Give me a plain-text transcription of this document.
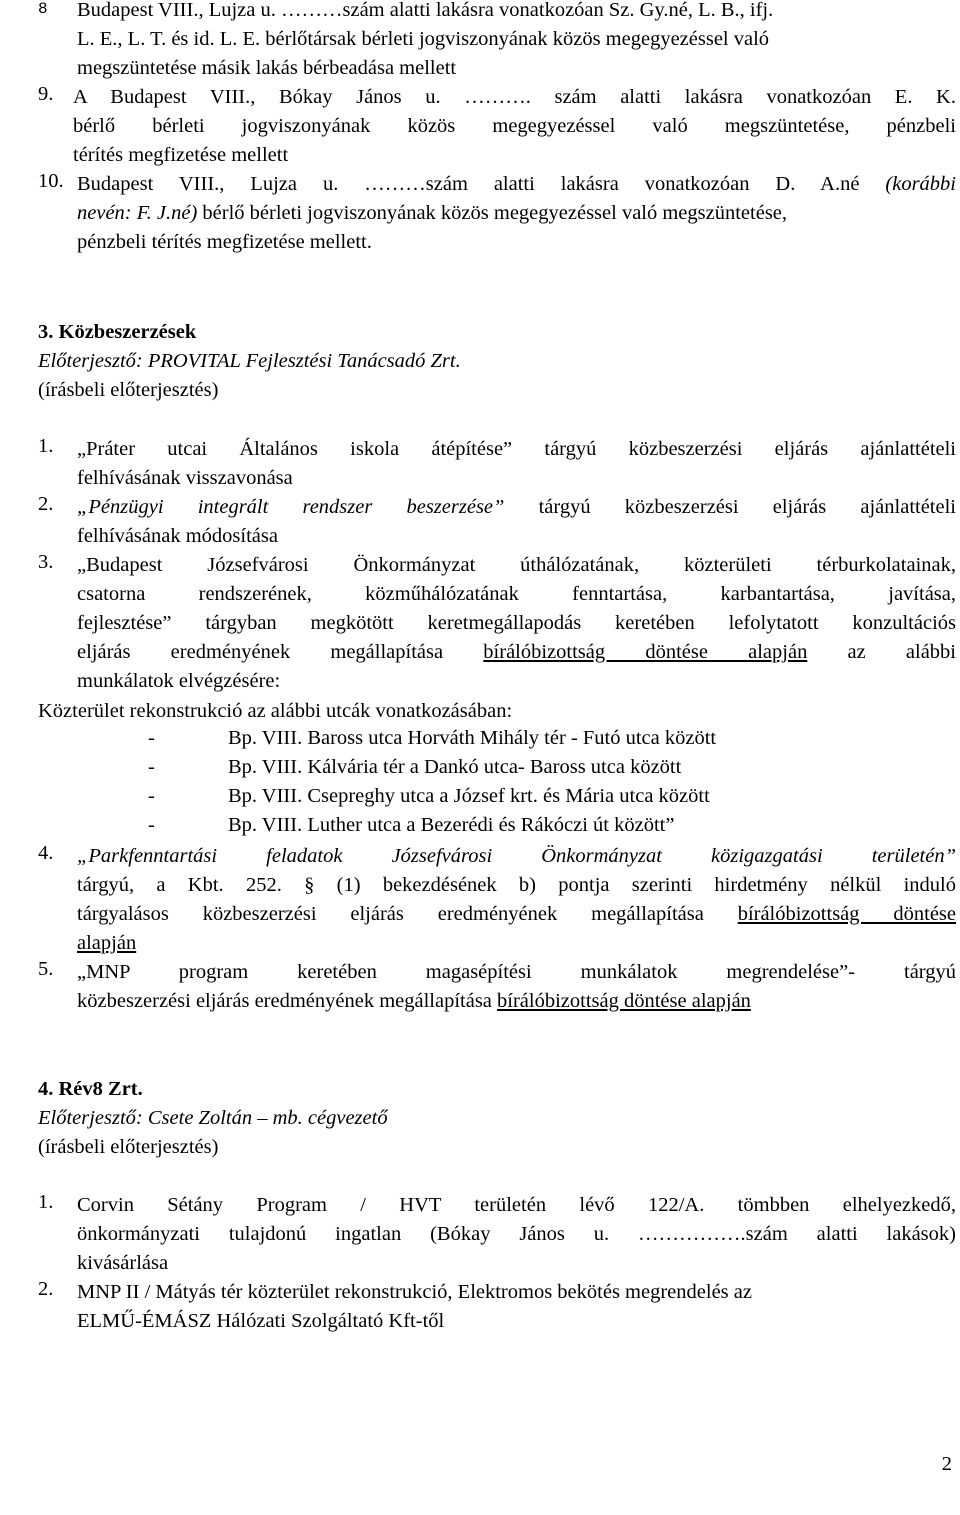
8	Budapest VIII., Lujza u. ………szám alatti lakásra vonatkozóan Sz. Gy.né, L. B., ifj.
L. E., L. T. és id. L. E. bérlőtársak bérleti jogviszonyának közös megegyezéssel való
megszüntetése másik lakás bérbeadása mellett
9. A Budapest VIII., Bókay János u. ………. szám alatti lakásra vonatkozóan E. K.
bérlő bérleti jogviszonyának közös megegyezéssel való megszüntetése, pénzbeli
térítés megfizetése mellett
10. Budapest VIII., Lujza u. ………szám alatti lakásra vonatkozóan D. A.né (korábbi
nevén: F. J.né) bérlő bérleti jogviszonyának közös megegyezéssel való megszüntetése,
pénzbeli térítés megfizetése mellett.
3. Közbeszerzések
Előterjesztő: PROVITAL Fejlesztési Tanácsadó Zrt.
(írásbeli előterjesztés)
1. „Práter utcai Általános iskola átépítése” tárgyú közbeszerzési eljárás ajánlattételi
felhívásának visszavonása
2. „Pénzügyi integrált rendszer beszerzése” tárgyú közbeszerzési eljárás ajánlattételi
felhívásának módosítása
3. „Budapest Józsefvárosi Önkormányzat úthálózatának, közterületi térburkolatainak,
csatorna rendszerének, közműhálózatának fenntartása, karbantartása, javítása,
fejlesztése” tárgyban megkötött keretmegállapodás keretében lefolytatott konzultációs
eljárás eredményének megállapítása bírálóbizottság döntése alapján az alábbi
munkálatok elvégzésére:
Közterület rekonstrukció az alábbi utcák vonatkozásában:
-	Bp. VIII. Baross utca Horváth Mihály tér - Futó utca között
-	Bp. VIII. Kálvária tér a Dankó utca- Baross utca között
-	Bp. VIII. Csepreghy utca a József krt. és Mária utca között
-	Bp. VIII. Luther utca a Bezerédi és Rákóczi út között”
4. „Parkfenntartási feladatok Józsefvárosi Önkormányzat közigazgatási területén”
tárgyú, a Kbt. 252. § (1) bekezdésének b) pontja szerinti hirdetmény nélkül induló
tárgyalásos közbeszerzési eljárás eredményének megállapítása bírálóbizottság döntése
alapján
5. „MNP program keretében magasépítési munkálatok megrendelése”- tárgyú
közbeszerzési eljárás eredményének megállapítása bírálóbizottság döntése alapján
4. Rév8 Zrt.
Előterjesztő: Csete Zoltán – mb. cégvezető
(írásbeli előterjesztés)
1. Corvin Sétány Program / HVT területén lévő 122/A. tömbben elhelyezkedő,
önkormányzati tulajdonú ingatlan (Bókay János u. …………….szám alatti lakások)
kivásárlása
2. MNP II / Mátyás tér közterület rekonstrukció, Elektromos bekötés megrendelés az
ELMŰ-ÉMÁSZ Hálózati Szolgáltató Kft-től
2
